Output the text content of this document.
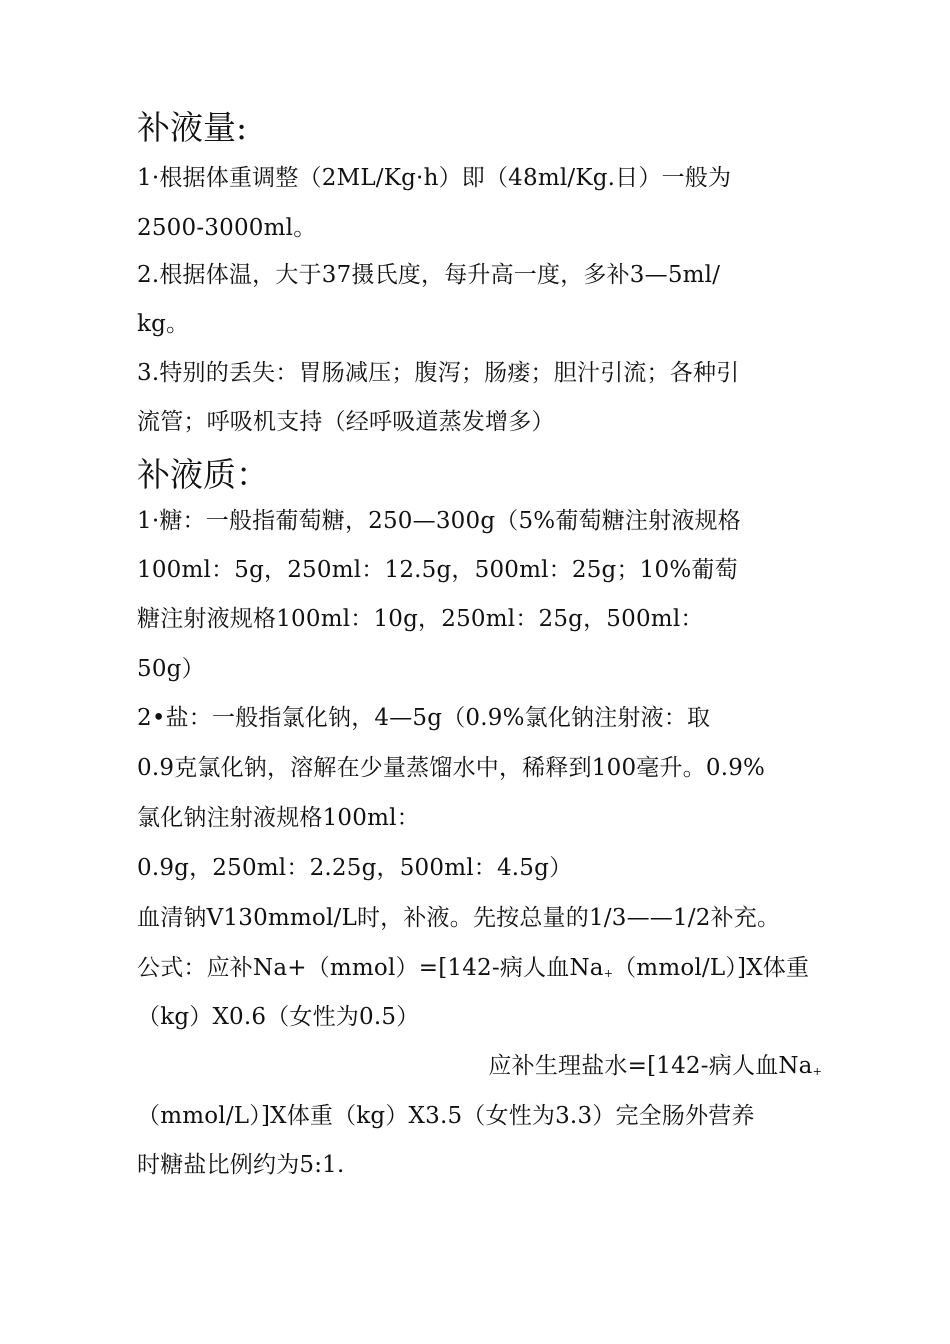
补液量:
1·根据体重调整（2ML/Kg·h）即（48ml/Kg.日）一般为
2500-3000ml。
2.根据体温，大于37摄氏度，每升高一度，多补3—5ml/
kg。
3.特别的丢失：胃肠减压；腹泻；肠瘘；胆汁引流；各种引
流管；呼吸机支持（经呼吸道蒸发增多）
补液质：
1·糖：一般指葡萄糖，250—300g（5%葡萄糖注射液规格
100ml：5g，250ml：12.5g，500ml：25g；10%葡萄
糖注射液规格100ml：10g，250ml：25g，500ml：
50g）
2•盐：一般指氯化钠，4—5g（0.9%氯化钠注射液：取
0.9克氯化钠，溶解在少量蒸馏水中，稀释到100毫升。0.9%
氯化钠注射液规格100ml：
0.9g，250ml：2.25g，500ml：4.5g）
血清钠V130mmol/L时，补液。先按总量的1/3——1/2补充。
公式：应补Na+（mmol）=[142-病人血$Na_+(mmol/L)]X$体重
（kg）X0.6（女性为0.5）
应补生理盐水=[142-病人血$Na_+$
（mmol/L）]X体重（kg）X3.5（女性为3.3）完全肠外营养
时糖盐比例约为5:1.
